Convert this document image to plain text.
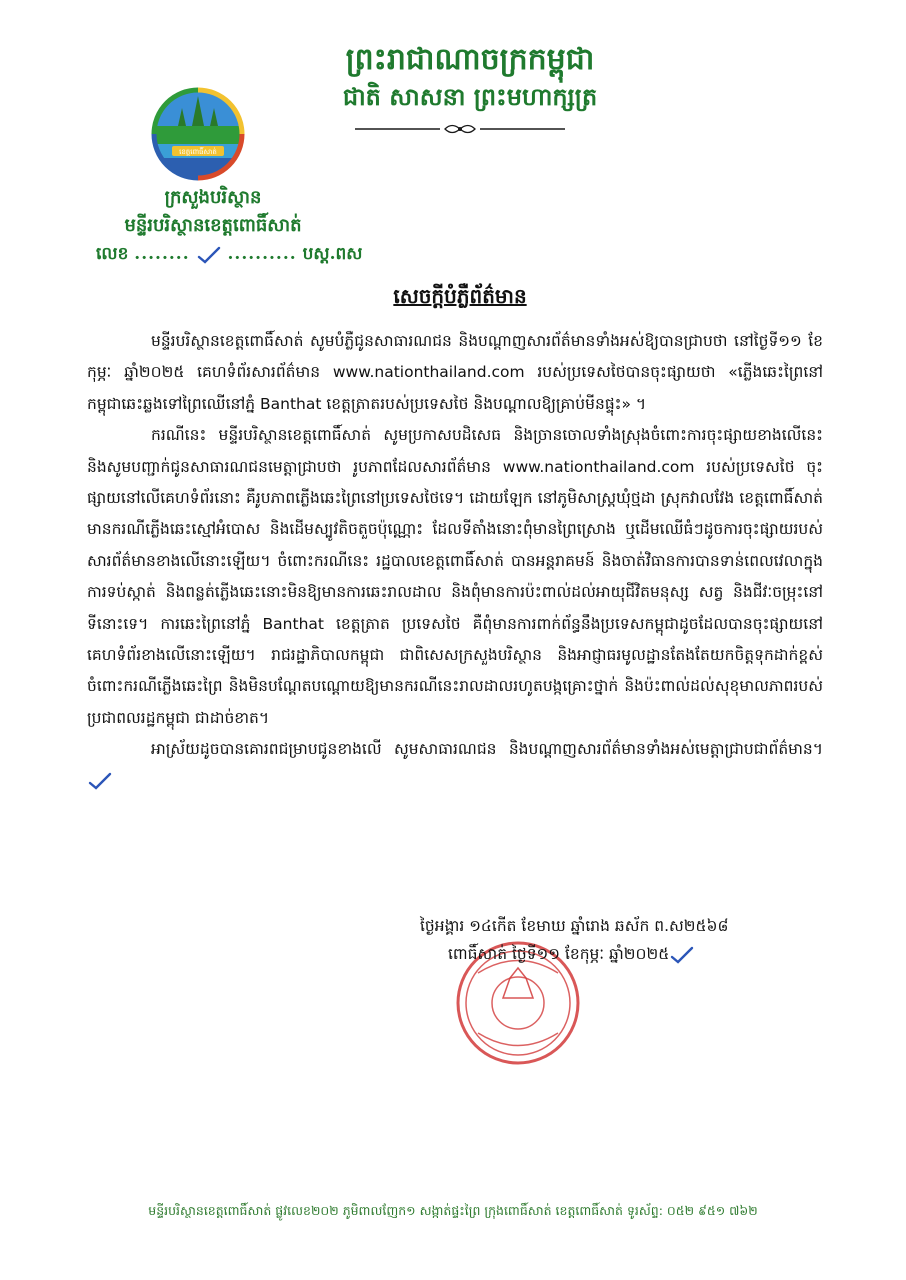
ព្រះរាជាណាចក្រកម្ពុជា
ជាតិ សាសនា ព្រះមហាក្សត្រ
ខេត្តពោធិ៍សាត់
ក្រសួងបរិស្ថាន
មន្ទីរបរិស្ថានខេត្តពោធិ៍សាត់
លេខ ........ .......... បស្ត.ពស
សេចក្តីបំភ្លឺព័ត៌មាន

មន្ទីរបរិស្ថានខេត្តពោធិ៍សាត់ សូមបំភ្លឺជូនសាធារណជន និងបណ្តាញសារព័ត៌មានទាំងអស់ឱ្យបានជ្រាបថា នៅថ្ងៃទី១១ ខែកុម្ភៈ ឆ្នាំ២០២៥ គេហទំព័រសារព័ត៌មាន www.nationthailand.com របស់ប្រទេសថៃបានចុះផ្សាយថា «ភ្លើងឆេះព្រៃនៅកម្ពុជាឆេះឆ្លងទៅព្រៃឈើនៅភ្នំ Banthat ខេត្តត្រាតរបស់ប្រទេសថៃ និងបណ្តាលឱ្យគ្រាប់មីនផ្ទុះ» ។

ករណីនេះ មន្ទីរបរិស្ថានខេត្តពោធិ៍សាត់ សូមប្រកាសបដិសេធ និងច្រានចោលទាំងស្រុងចំពោះការចុះផ្សាយខាងលើនេះ និងសូមបញ្ជាក់ជូនសាធារណជនមេត្តាជ្រាបថា រូបភាពដែលសារព័ត៌មាន www.nationthailand.com របស់ប្រទេសថៃ ចុះផ្សាយនៅលើគេហទំព័រនោះ គឺរូបភាពភ្លើងឆេះព្រៃនៅប្រទេសថៃទេ។ ដោយឡែក នៅភូមិសាស្រ្តឃុំថ្មដា ស្រុកវាលវែង ខេត្តពោធិ៍សាត់ មានករណីភ្លើងឆេះស្មៅអំបោស និងដើមស្បូវតិចតួចប៉ុណ្ណោះ ដែលទីតាំងនោះពុំមានព្រៃស្រោង ឬដើមឈើធំៗដូចការចុះផ្សាយរបស់សារព័ត៌មានខាងលើនោះឡើយ។ ចំពោះករណីនេះ រដ្ឋបាលខេត្តពោធិ៍សាត់ បានអន្តរាគមន៍ និងចាត់វិធានការបានទាន់ពេលវេលាក្នុងការទប់ស្កាត់ និងពន្លត់ភ្លើងឆេះនោះមិនឱ្យមានការឆេះរាលដាល និងពុំមានការប៉ះពាល់ដល់អាយុជីវិតមនុស្ស សត្វ និងជីវៈចម្រុះនៅទីនោះទេ។ ការឆេះព្រៃនៅភ្នំ Banthat ខេត្តត្រាត ប្រទេសថៃ គឺពុំមានការពាក់ព័ន្ធនឹងប្រទេសកម្ពុជាដូចដែលបានចុះផ្សាយនៅគេហទំព័រខាងលើនោះឡើយ។ រាជរដ្ឋាភិបាលកម្ពុជា ជាពិសេសក្រសួងបរិស្ថាន និងអាជ្ញាធរមូលដ្ឋានតែងតែយកចិត្តទុកដាក់ខ្ពស់ចំពោះករណីភ្លើងឆេះព្រៃ និងមិនបណ្តែតបណ្តោយឱ្យមានករណីនេះរាលដាលរហូតបង្កគ្រោះថ្នាក់ និងប៉ះពាល់ដល់សុខុមាលភាពរបស់ប្រជាពលរដ្ឋកម្ពុជា ជាដាច់ខាត។

អាស្រ័យដូចបានគោរពជម្រាបជូនខាងលើ សូមសាធារណជន និងបណ្តាញសារព័ត៌មានទាំងអស់មេត្តាជ្រាបជាព័ត៌មាន។

ថ្ងៃអង្គារ ១៤កើត ខែមាឃ ឆ្នាំរោង ឆស័ក ព.ស២៥៦៨
ពោធិ៍សាត់ ថ្ងៃទី១១ ខែកុម្ភៈ ឆ្នាំ២០២៥
មន្ទីរបរិស្ថានខេត្តពោធិ៍សាត់ ផ្លូវលេខ២០២ ភូមិពាលញែក១ សង្កាត់ផ្ទះព្រៃ ក្រុងពោធិ៍សាត់ ខេត្តពោធិ៍សាត់ ទូរស័ព្ទ: ០៥២ ៩៥១ ៧៦២
